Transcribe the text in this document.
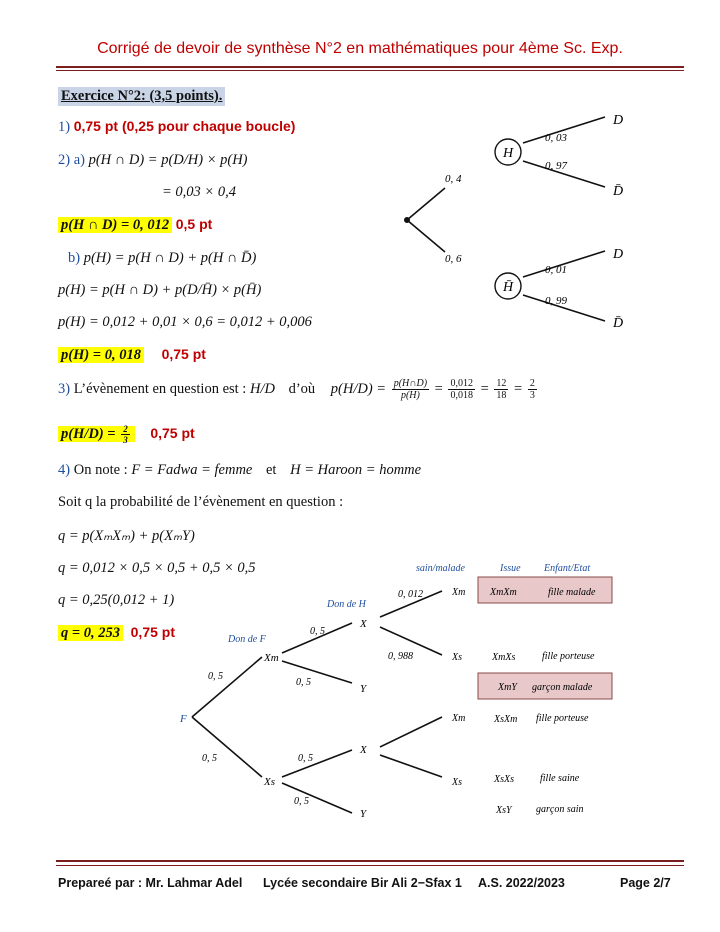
Corrigé de devoir de synthèse N°2 en mathématiques pour 4ème Sc. Exp.
Exercice N°2: (3,5 points).
1) 0,75 pt (0,25 pour chaque boucle)
2) a) p(H ∩ D) = p(D/H) × p(H)
= 0,03 × 0,4
p(H ∩ D) = 0, 012 0,5 pt
b) p(H) = p(H ∩ D) + p(H ∩ D̄)
p(H) = p(H ∩ D) + p(D/H̄) × p(H̄)
p(H) = 0,012 + 0,01 × 0,6 = 0,012 + 0,006
p(H) = 0, 018 0,75 pt
3) L’évènement en question est : H/D d’où $p(H/D) = \frac{p(H\cap D)}{p(H)} = \frac{0,012}{0,018} = \frac{12}{18} = \frac{2}{3}$
$p(H/D) = \frac{2}{3} 0,75$ pt
4) On note : F = Fadwa = femme et H = Haroon = homme
Soit q la probabilité de l’évènement en question :
q = p(XₘXₘ) + p(XₘY)
q = 0,012 × 0,5 × 0,5 + 0,5 × 0,5
q = 0,25(0,012 + 1)
q = 0, 253 0,75 pt
H
H̄
0, 4
0, 6
0, 03
0, 97
0, 01
0, 99
D
D̄
D
D̄
sain/malade	Issue Enfant/Etat
Don de H
Don de F
F
0, 5
0, 5
Xm
Xs
0, 5
0, 5
0, 5
0, 5
X
Y
X
Y
0, 012
0, 988
Xm XmXm	fille malade
Xs	XmXs	fille porteuse
XmY garçon malade
Xm	XsXm fille porteuse
Xs	XsXs	fille saine
XsY garçon sain
Prepareé par : Mr. Lahmar Adel Lycée secondaire Bir Ali 2−Sfax 1 A.S. 2022/2023	Page 2/7
